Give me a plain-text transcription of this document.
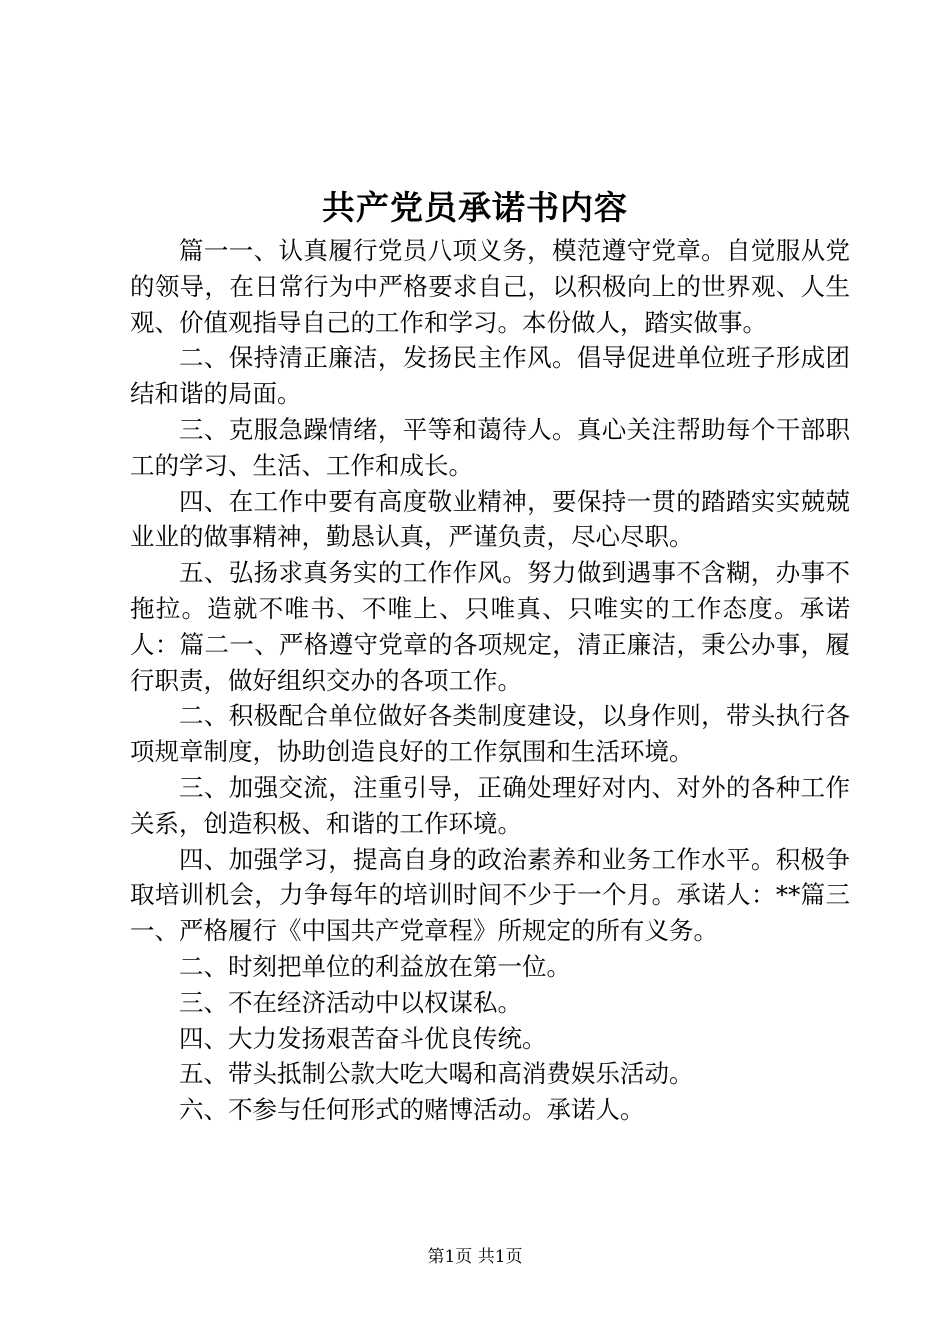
共产党员承诺书内容

篇一一、认真履行党员八项义务，模范遵守党章。自觉服从党的领导，在日常行为中严格要求自己，以积极向上的世界观、人生观、价值观指导自己的工作和学习。本份做人，踏实做事。

二、保持清正廉洁，发扬民主作风。倡导促进单位班子形成团结和谐的局面。

三、克服急躁情绪，平等和蔼待人。真心关注帮助每个干部职工的学习、生活、工作和成长。

四、在工作中要有高度敬业精神，要保持一贯的踏踏实实兢兢业业的做事精神，勤恳认真，严谨负责，尽心尽职。

五、弘扬求真务实的工作作风。努力做到遇事不含糊，办事不拖拉。造就不唯书、不唯上、只唯真、只唯实的工作态度。承诺人：篇二一、严格遵守党章的各项规定，清正廉洁，秉公办事，履行职责，做好组织交办的各项工作。

二、积极配合单位做好各类制度建设，以身作则，带头执行各项规章制度，协助创造良好的工作氛围和生活环境。

三、加强交流，注重引导，正确处理好对内、对外的各种工作关系，创造积极、和谐的工作环境。

四、加强学习，提高自身的政治素养和业务工作水平。积极争取培训机会，力争每年的培训时间不少于一个月。承诺人：**篇三一、严格履行《中国共产党章程》所规定的所有义务。

二、时刻把单位的利益放在第一位。

三、不在经济活动中以权谋私。

四、大力发扬艰苦奋斗优良传统。

五、带头抵制公款大吃大喝和高消费娱乐活动。

六、不参与任何形式的赌博活动。承诺人。

第1页 共1页
